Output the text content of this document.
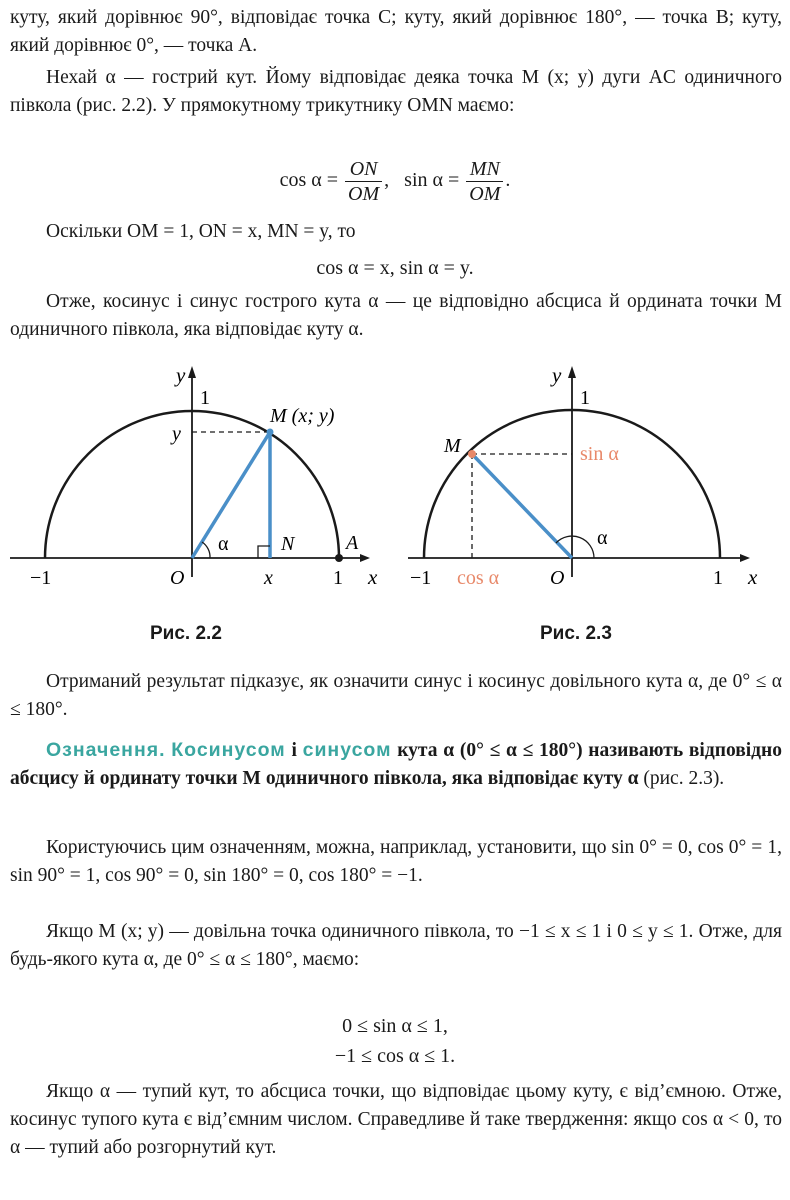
куту, який дорівнює 90°, відповідає точка C; куту, який дорівнює 180°, — точка B; куту, який дорівнює 0°, — точка A.

Нехай α — гострий кут. Йому відповідає деяка точка M (x; y) дуги AC одиничного півкола (рис. 2.2). У прямокутному трикутнику OMN маємо:

$\cos \alpha = \frac{ON}{OM}$ , $\sin \alpha = \frac{MN}{OM}$ .

Оскільки OM = 1, ON = x, MN = y, то

cos α = x, sin α = y.

Отже, косинус і синус гострого кута α — це відповідно абсциса й ордината точки M одиничного півкола, яка відповідає куту α.

y
1
y
M (x; y)
α	N	A
−1	O	x	1 x
Рис. 2.2
y
1
M	sin α
α
−1 cos α	O	1 x
Рис. 2.3

Отриманий результат підказує, як означити синус і косинус довільного кута α, де 0° ≤ α ≤ 180°.

Означення. Косинусом і синусом кута α (0° ≤ α ≤ 180°) називають відповідно абсцису й ординату точки M одиничного півкола, яка відповідає куту α (рис. 2.3).

Користуючись цим означенням, можна, наприклад, установити, що sin 0° = 0, cos 0° = 1, sin 90° = 1, cos 90° = 0, sin 180° = 0, cos 180° = −1.

Якщо M (x; y) — довільна точка одиничного півкола, то −1 ≤ x ≤ 1 і 0 ≤ y ≤ 1. Отже, для будь-якого кута α, де 0° ≤ α ≤ 180°, маємо:

0 ≤ sin α ≤ 1,

−1 ≤ cos α ≤ 1.

Якщо α — тупий кут, то абсциса точки, що відповідає цьому куту, є від’ємною. Отже, косинус тупого кута є від’ємним числом. Справедливе й таке твердження: якщо cos α < 0, то α — тупий або розгорнутий кут.
